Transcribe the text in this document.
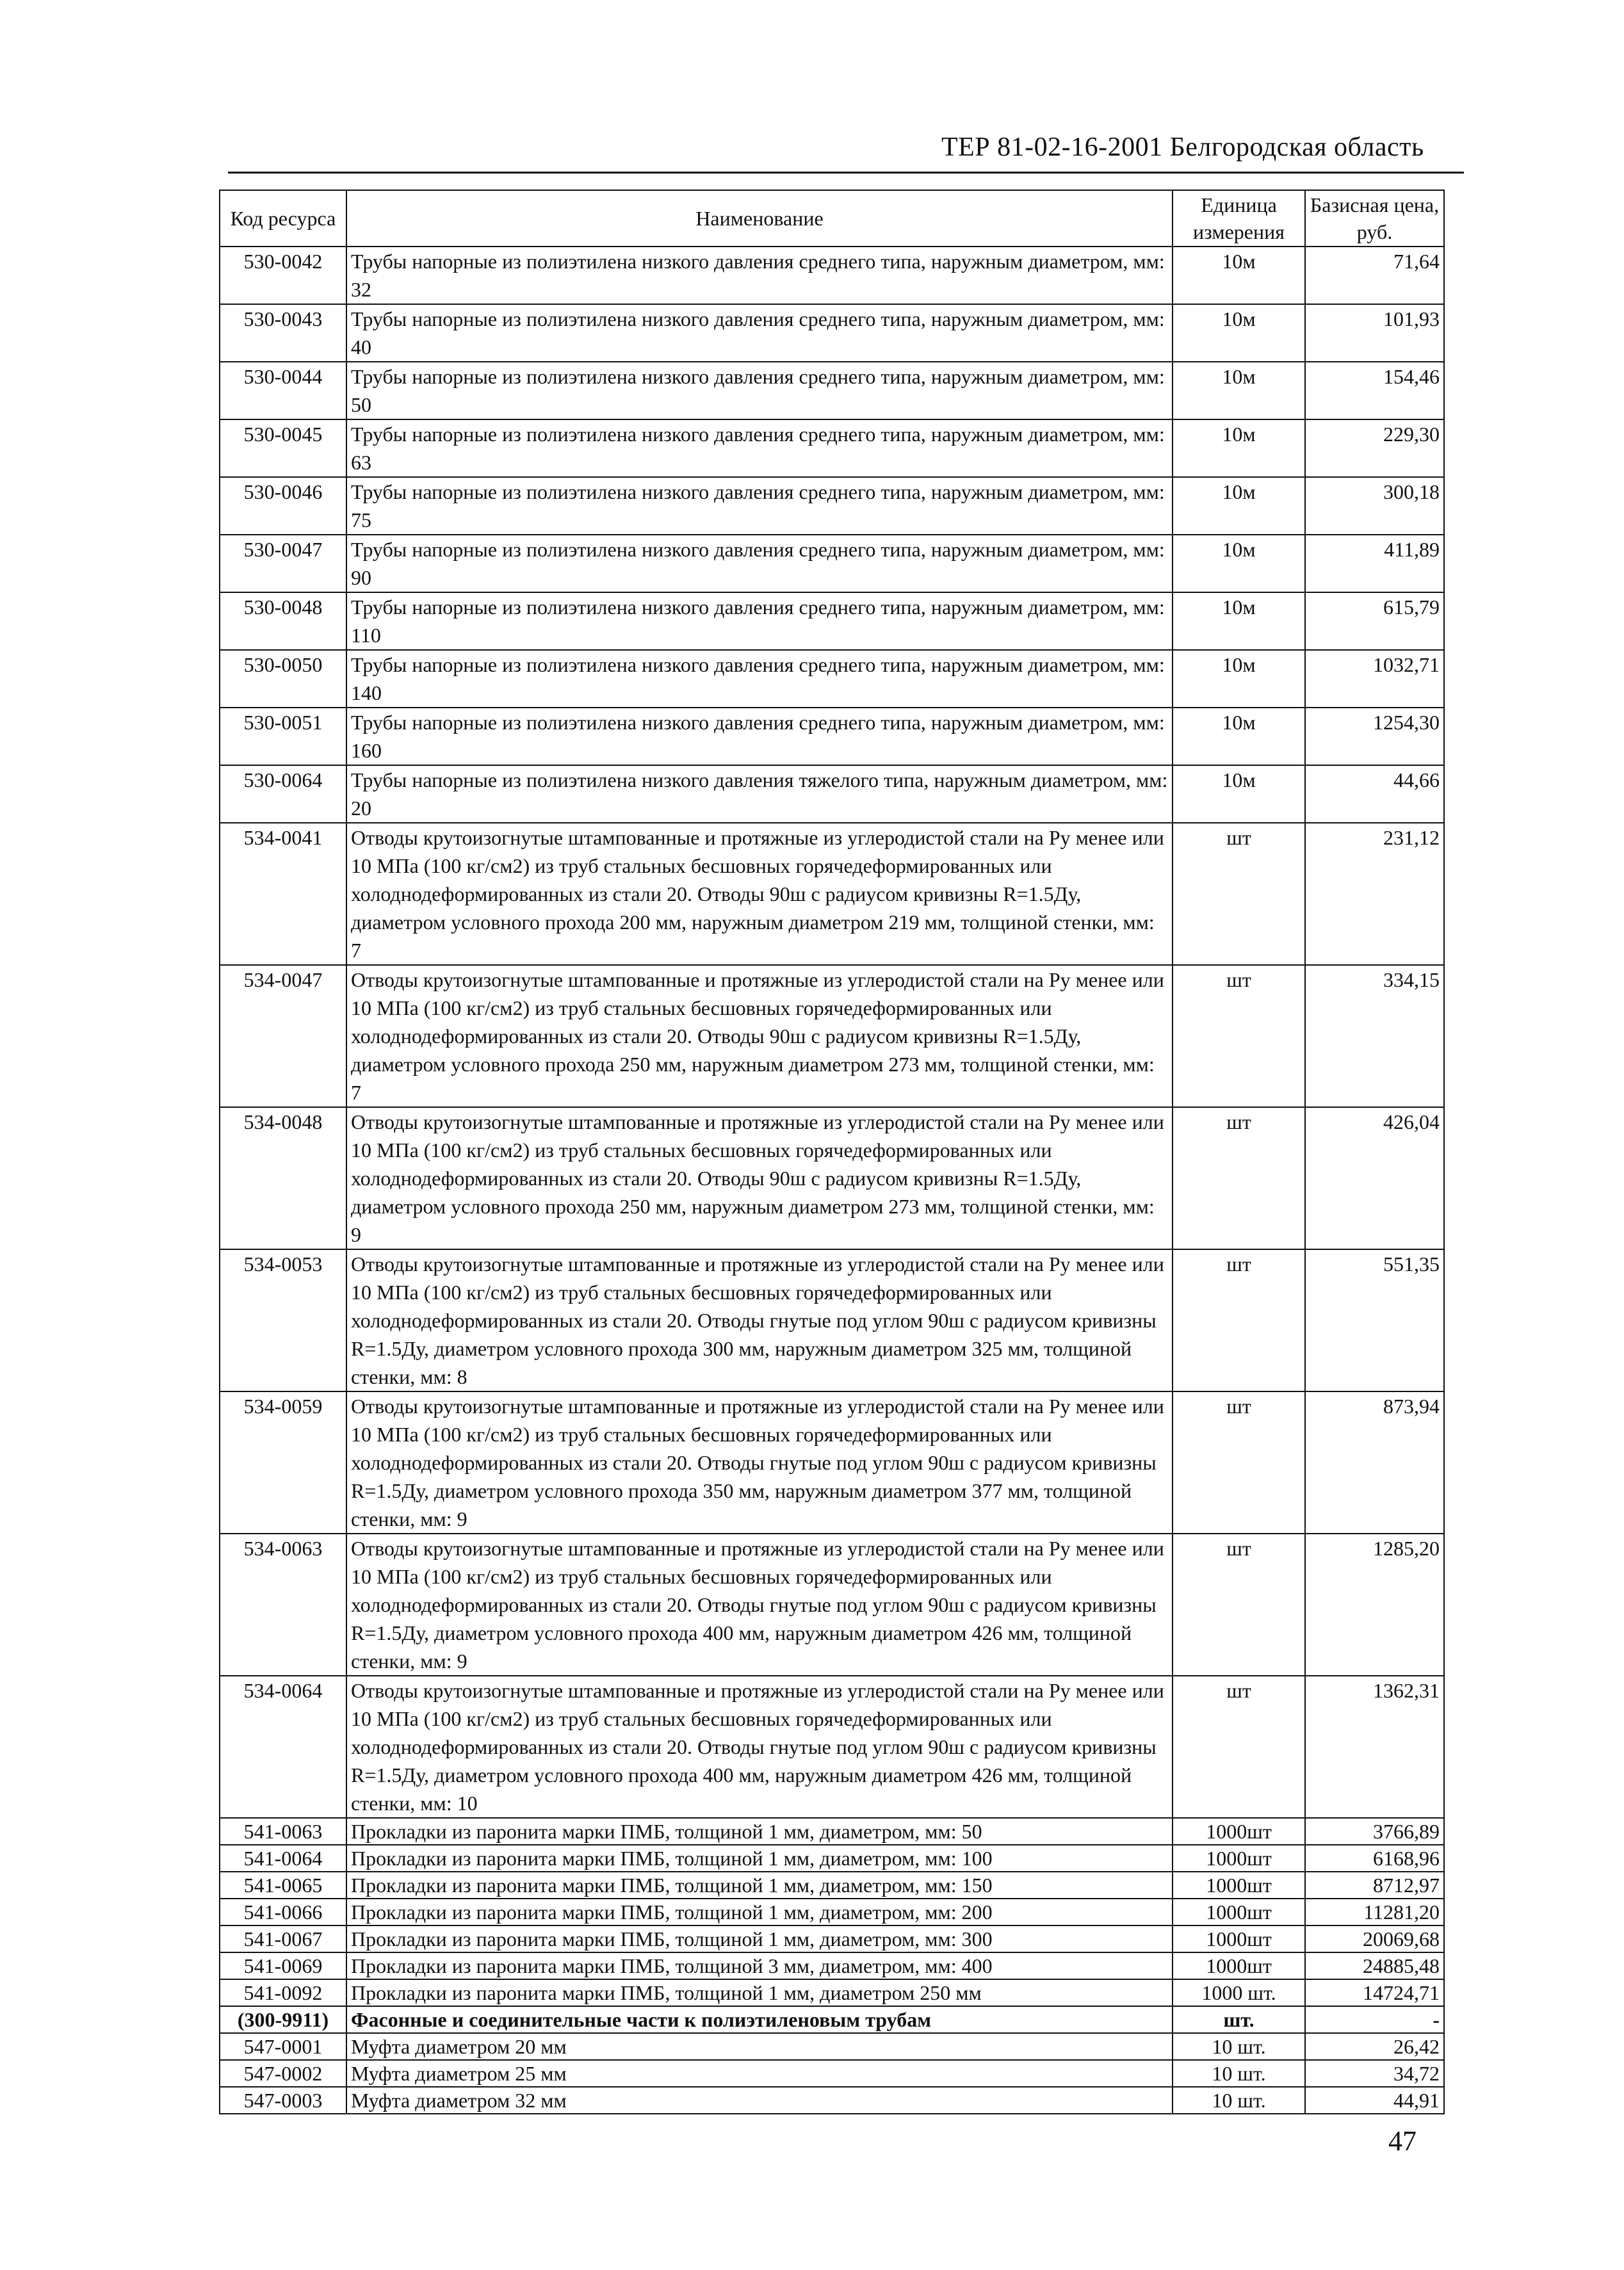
ТЕР 81-02-16-2001 Белгородская область
Код ресурса	Наименование	Единица измерения	Базисная цена, руб.
530-0042	Трубы напорные из полиэтилена низкого давления среднего типа, наружным диаметром, мм: 32	10м	71,64
530-0043	Трубы напорные из полиэтилена низкого давления среднего типа, наружным диаметром, мм: 40	10м	101,93
530-0044	Трубы напорные из полиэтилена низкого давления среднего типа, наружным диаметром, мм: 50	10м	154,46
530-0045	Трубы напорные из полиэтилена низкого давления среднего типа, наружным диаметром, мм: 63	10м	229,30
530-0046	Трубы напорные из полиэтилена низкого давления среднего типа, наружным диаметром, мм: 75	10м	300,18
530-0047	Трубы напорные из полиэтилена низкого давления среднего типа, наружным диаметром, мм: 90	10м	411,89
530-0048	Трубы напорные из полиэтилена низкого давления среднего типа, наружным диаметром, мм: 110	10м	615,79
530-0050	Трубы напорные из полиэтилена низкого давления среднего типа, наружным диаметром, мм: 140	10м	1032,71
530-0051	Трубы напорные из полиэтилена низкого давления среднего типа, наружным диаметром, мм: 160	10м	1254,30
530-0064	Трубы напорные из полиэтилена низкого давления тяжелого типа, наружным диаметром, мм: 20	10м	44,66
534-0041	Отводы крутоизогнутые штампованные и протяжные из углеродистой стали на Ру менее или 10 МПа (100 кг/см2) из труб стальных бесшовных горячедеформированных или холоднодеформированных из стали 20. Отводы 90ш с радиусом кривизны R=1.5Ду, диаметром условного прохода 200 мм, наружным диаметром 219 мм, толщиной стенки, мм: 7	шт	231,12
534-0047	Отводы крутоизогнутые штампованные и протяжные из углеродистой стали на Ру менее или 10 МПа (100 кг/см2) из труб стальных бесшовных горячедеформированных или холоднодеформированных из стали 20. Отводы 90ш с радиусом кривизны R=1.5Ду, диаметром условного прохода 250 мм, наружным диаметром 273 мм, толщиной стенки, мм: 7	шт	334,15
534-0048	Отводы крутоизогнутые штампованные и протяжные из углеродистой стали на Ру менее или 10 МПа (100 кг/см2) из труб стальных бесшовных горячедеформированных или холоднодеформированных из стали 20. Отводы 90ш с радиусом кривизны R=1.5Ду, диаметром условного прохода 250 мм, наружным диаметром 273 мм, толщиной стенки, мм: 9	шт	426,04
534-0053	Отводы крутоизогнутые штампованные и протяжные из углеродистой стали на Ру менее или 10 МПа (100 кг/см2) из труб стальных бесшовных горячедеформированных или холоднодеформированных из стали 20. Отводы гнутые под углом 90ш с радиусом кривизны R=1.5Ду, диаметром условного прохода 300 мм, наружным диаметром 325 мм, толщиной стенки, мм: 8	шт	551,35
534-0059	Отводы крутоизогнутые штампованные и протяжные из углеродистой стали на Ру менее или 10 МПа (100 кг/см2) из труб стальных бесшовных горячедеформированных или холоднодеформированных из стали 20. Отводы гнутые под углом 90ш с радиусом кривизны R=1.5Ду, диаметром условного прохода 350 мм, наружным диаметром 377 мм, толщиной стенки, мм: 9	шт	873,94
534-0063	Отводы крутоизогнутые штампованные и протяжные из углеродистой стали на Ру менее или 10 МПа (100 кг/см2) из труб стальных бесшовных горячедеформированных или холоднодеформированных из стали 20. Отводы гнутые под углом 90ш с радиусом кривизны R=1.5Ду, диаметром условного прохода 400 мм, наружным диаметром 426 мм, толщиной стенки, мм: 9	шт	1285,20
534-0064	Отводы крутоизогнутые штампованные и протяжные из углеродистой стали на Ру менее или 10 МПа (100 кг/см2) из труб стальных бесшовных горячедеформированных или холоднодеформированных из стали 20. Отводы гнутые под углом 90ш с радиусом кривизны R=1.5Ду, диаметром условного прохода 400 мм, наружным диаметром 426 мм, толщиной стенки, мм: 10	шт	1362,31
541-0063	Прокладки из паронита марки ПМБ, толщиной 1 мм, диаметром, мм: 50	1000шт	3766,89
541-0064	Прокладки из паронита марки ПМБ, толщиной 1 мм, диаметром, мм: 100	1000шт	6168,96
541-0065	Прокладки из паронита марки ПМБ, толщиной 1 мм, диаметром, мм: 150	1000шт	8712,97
541-0066	Прокладки из паронита марки ПМБ, толщиной 1 мм, диаметром, мм: 200	1000шт	11281,20
541-0067	Прокладки из паронита марки ПМБ, толщиной 1 мм, диаметром, мм: 300	1000шт	20069,68
541-0069	Прокладки из паронита марки ПМБ, толщиной 3 мм, диаметром, мм: 400	1000шт	24885,48
541-0092	Прокладки из паронита марки ПМБ, толщиной 1 мм, диаметром 250 мм	1000 шт.	14724,71
(300-9911)	Фасонные и соединительные части к полиэтиленовым трубам	шт.	-
547-0001	Муфта диаметром 20 мм	10 шт.	26,42
547-0002	Муфта диаметром 25 мм	10 шт.	34,72
547-0003	Муфта диаметром 32 мм	10 шт.	44,91
47
